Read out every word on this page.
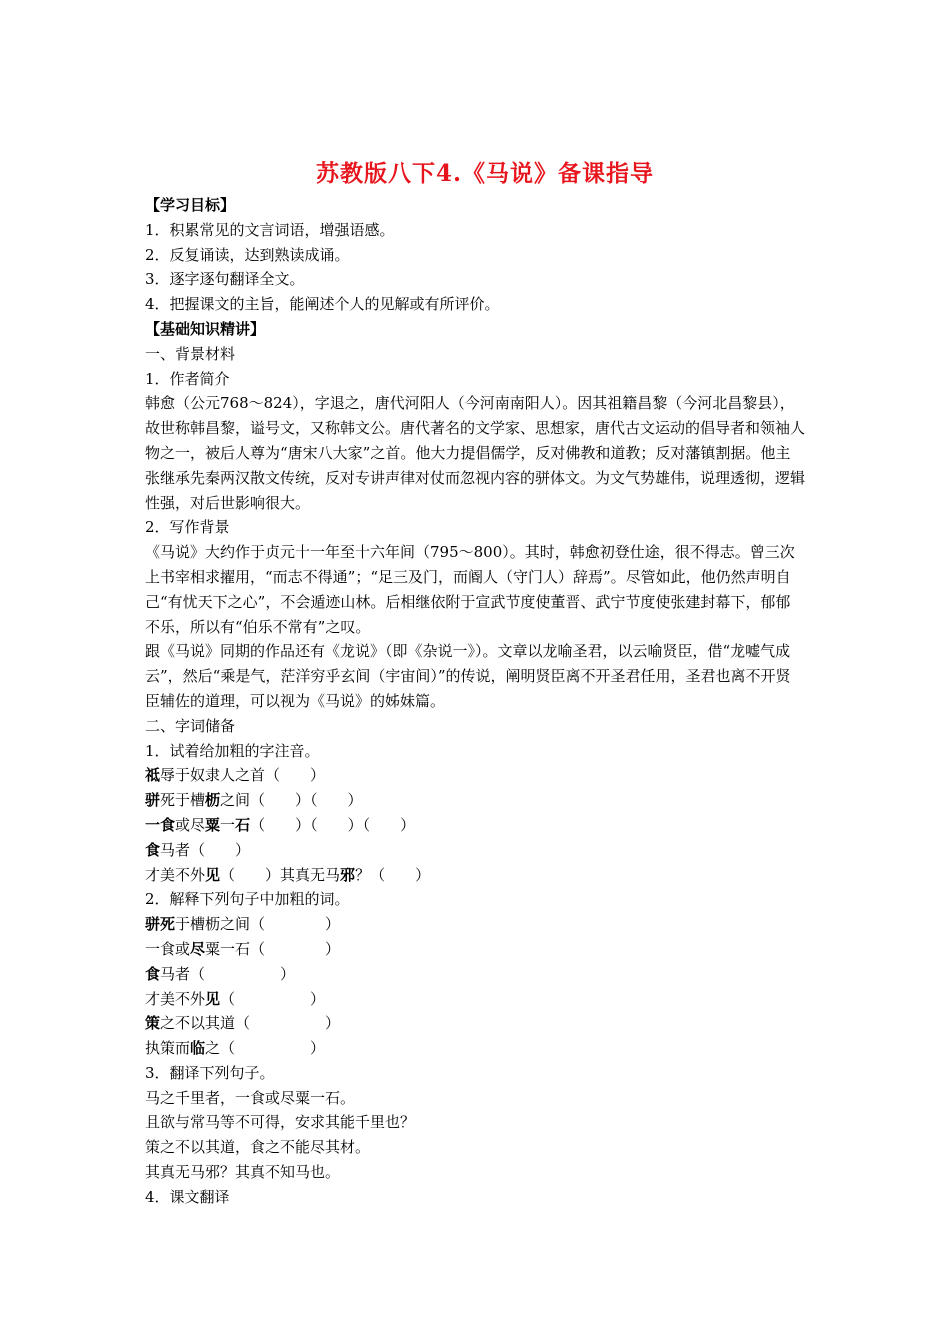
苏教版八下4.《马说》备课指导
【学习目标】
1．积累常见的文言词语，增强语感。
2．反复诵读，达到熟读成诵。
3．逐字逐句翻译全文。
4．把握课文的主旨，能阐述个人的见解或有所评价。
【基础知识精讲】
一、背景材料
1．作者简介
韩愈（公元768～824），字退之，唐代河阳人（今河南南阳人）。因其祖籍昌黎（今河北昌黎县），故世称韩昌黎，谥号文，又称韩文公。唐代著名的文学家、思想家，唐代古文运动的倡导者和领袖人物之一，被后人尊为“唐宋八大家”之首。他大力提倡儒学，反对佛教和道教；反对藩镇割据。他主张继承先秦两汉散文传统，反对专讲声律对仗而忽视内容的骈体文。为文气势雄伟，说理透彻，逻辑性强，对后世影响很大。
2．写作背景
《马说》大约作于贞元十一年至十六年间（795～800）。其时，韩愈初登仕途，很不得志。曾三次上书宰相求擢用，“而志不得通”；“足三及门，而阍人（守门人）辞焉”。尽管如此，他仍然声明自己“有忧天下之心”，不会遁迹山林。后相继依附于宣武节度使董晋、武宁节度使张建封幕下，郁郁不乐，所以有“伯乐不常有”之叹。
跟《马说》同期的作品还有《龙说》（即《杂说一》）。文章以龙喻圣君，以云喻贤臣，借“龙嘘气成云”，然后“乘是气，茫洋穷乎玄间（宇宙间）”的传说，阐明贤臣离不开圣君任用，圣君也离不开贤臣辅佐的道理，可以视为《马说》的姊妹篇。
二、字词储备
1．试着给加粗的字注音。
祗辱于奴隶人之首（　　）
骈死于槽枥之间（　　）（　　）
一食或尽粟一石（　　）（　　）（　　）
食马者（　　）
才美不外见（　　）其真无马邪？（　　）
2．解释下列句子中加粗的词。
骈死于槽枥之间（　　　　）
一食或尽粟一石（　　　　）
食马者（　　　　　）
才美不外见（　　　　　）
策之不以其道（　　　　　）
执策而临之（　　　　　）
3．翻译下列句子。
马之千里者，一食或尽粟一石。
且欲与常马等不可得，安求其能千里也？
策之不以其道，食之不能尽其材。
其真无马邪？其真不知马也。
4．课文翻译
